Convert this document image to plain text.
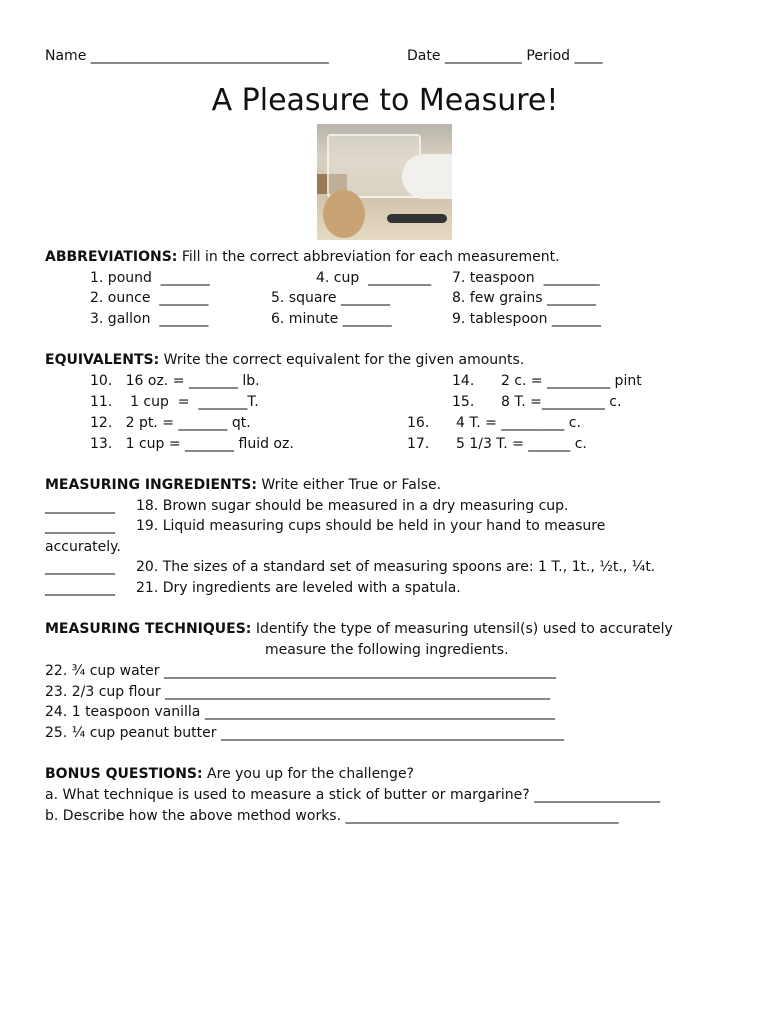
Name __________________________________	Date ___________ Period ____
A Pleasure to Measure!
ABBREVIATIONS: Fill in the correct abbreviation for each measurement.
1. pound  _______
2. ounce  _______
3. gallon  _______
4. cup  _________
5. square _______
6. minute _______
7. teaspoon  ________
8. few grains _______
9. tablespoon _______
EQUIVALENTS: Write the correct equivalent for the given amounts.
10.   16 oz. = _______ lb.
11.    1 cup  =  _______T.
12.   2 pt. = _______ qt.
13.   1 cup = _______ fluid oz.
14.      2 c. = _________ pint
15.      8 T. =_________ c.
16.      4 T. = _________ c.
17.      5 1/3 T. = ______ c.
MEASURING INGREDIENTS: Write either True or False.
__________ 18. Brown sugar should be measured in a dry measuring cup.
__________ 19. Liquid measuring cups should be held in your hand to measure
accurately.
__________ 20. The sizes of a standard set of measuring spoons are: 1 T., 1t., ½t., ¼t.
__________ 21. Dry ingredients are leveled with a spatula.
MEASURING TECHNIQUES: Identify the type of measuring utensil(s) used to accurately
measure the following ingredients.
22. ¾ cup water ________________________________________________________
23. 2/3 cup flour _______________________________________________________
24. 1 teaspoon vanilla __________________________________________________
25. ¼ cup peanut butter _________________________________________________
BONUS QUESTIONS: Are you up for the challenge?
a. What technique is used to measure a stick of butter or margarine? __________________
b. Describe how the above method works. _______________________________________
